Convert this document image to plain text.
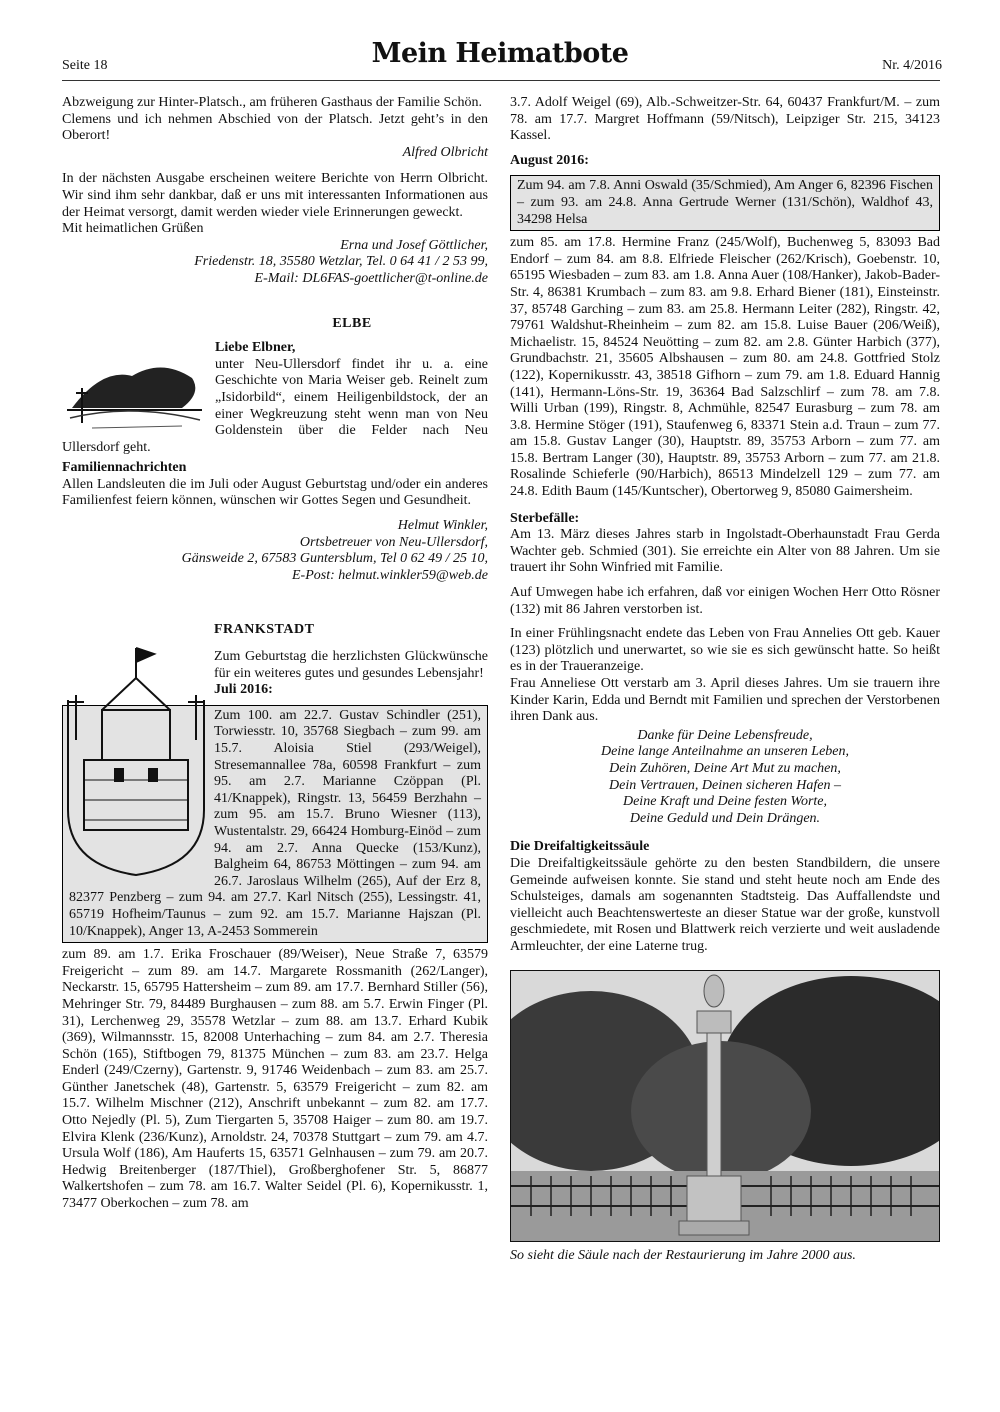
Seite 18	Mein Heimatbote	Nr. 4/2016

Abzweigung zur Hinter-Platsch., am früheren Gasthaus der Familie Schön.

Clemens und ich nehmen Abschied von der Platsch. Jetzt geht’s in den Oberort!

Alfred Olbricht

In der nächsten Ausgabe erscheinen weitere Berichte von Herrn Olbricht. Wir sind ihm sehr dankbar, daß er uns mit interessanten Informationen aus der Heimat versorgt, damit werden wieder viele Erinnerungen geweckt.

Mit heimatlichen Grüßen

Erna und Josef Göttlicher,

Friedenstr. 18, 35580 Wetzlar, Tel. 0 64 41 / 2 53 99,

E-Mail: DL6FAS-goettlicher@t-online.de

ELBE

Liebe Elbner,

unter Neu-Ullersdorf findet ihr u. a. eine Geschichte von Maria Weiser geb. Reinelt zum „Isidorbild“, einem Heiligenbildstock, der an einer Wegkreuzung steht wenn man von Neu Goldenstein über die Felder nach Neu Ullersdorf geht.

Familiennachrichten

Allen Landsleuten die im Juli oder August Geburtstag und/oder ein anderes Familienfest feiern können, wünschen wir Gottes Segen und Gesundheit.

Helmut Winkler,

Ortsbetreuer von Neu-Ullersdorf,

Gänsweide 2, 67583 Guntersblum, Tel 0 62 49 / 25 10,

E-Post: helmut.winkler59@web.de

FRANKSTADT

Zum Geburtstag die herzlichsten Glückwünsche für ein weiteres gutes und gesundes Lebensjahr!

Juli 2016:

Zum 100. am 22.7. Gustav Schindler (251), Torwiesstr. 10, 35768 Siegbach – zum 99. am 15.7. Aloisia Stiel (293/Weigel), Stresemannallee 78a, 60598 Frankfurt – zum 95. am 2.7. Marianne Czöppan (Pl. 41/Knappek), Ringstr. 13, 56459 Berzhahn – zum 95. am 15.7. Bruno Wiesner (113), Wustentalstr. 29, 66424 Homburg-Einöd – zum 94. am 2.7. Anna Quecke (153/Kunz), Balgheim 64, 86753 Möttingen – zum 94. am 26.7. Jaroslaus Wilhelm (265), Auf der Erz 8, 82377 Penzberg – zum 94. am 27.7. Karl Nitsch (255), Lessingstr. 41, 65719 Hofheim/Taunus – zum 92. am 15.7. Marianne Hajszan (Pl. 10/Knappek), Anger 13, A-2453 Sommerein

zum 89. am 1.7. Erika Froschauer (89/Weiser), Neue Straße 7, 63579 Freigericht – zum 89. am 14.7. Margarete Rossmanith (262/Langer), Neckarstr. 15, 65795 Hattersheim – zum 89. am 17.7. Bernhard Stiller (56), Mehringer Str. 79, 84489 Burghausen – zum 88. am 5.7. Erwin Finger (Pl. 31), Lerchenweg 29, 35578 Wetzlar – zum 88. am 13.7. Erhard Kubik (369), Wilmannsstr. 15, 82008 Unterhaching – zum 84. am 2.7. Theresia Schön (165), Stiftbogen 79, 81375 München – zum 83. am 23.7. Helga Enderl (249/Czerny), Gartenstr. 9, 91746 Weidenbach – zum 83. am 25.7. Günther Janetschek (48), Gartenstr. 5, 63579 Freigericht – zum 82. am 15.7. Wilhelm Mischner (212), Anschrift unbekannt – zum 82. am 17.7. Otto Nejedly (Pl. 5), Zum Tiergarten 5, 35708 Haiger – zum 80. am 19.7. Elvira Klenk (236/Kunz), Arnoldstr. 24, 70378 Stuttgart – zum 79. am 4.7. Ursula Wolf (186), Am Hauferts 15, 63571 Gelnhausen – zum 79. am 20.7. Hedwig Breitenberger (187/Thiel), Großberghofener Str. 5, 86877 Walkertshofen – zum 78. am 16.7. Walter Seidel (Pl. 6), Kopernikusstr. 1, 73477 Oberkochen – zum 78. am

3.7. Adolf Weigel (69), Alb.-Schweitzer-Str. 64, 60437 Frankfurt/M. – zum 78. am 17.7. Margret Hoffmann (59/Nitsch), Leipziger Str. 215, 34123 Kassel.

August 2016:

Zum 94. am 7.8. Anni Oswald (35/Schmied), Am Anger 6, 82396 Fischen – zum 93. am 24.8. Anna Gertrude Werner (131/Schön), Waldhof 43, 34298 Helsa

zum 85. am 17.8. Hermine Franz (245/Wolf), Buchenweg 5, 83093 Bad Endorf – zum 84. am 8.8. Elfriede Fleischer (262/Krisch), Goebenstr. 10, 65195 Wiesbaden – zum 83. am 1.8. Anna Auer (108/Hanker), Jakob-Bader-Str. 4, 86381 Krumbach – zum 83. am 9.8. Erhard Biener (181), Einsteinstr. 37, 85748 Garching – zum 83. am 25.8. Hermann Leiter (282), Ringstr. 42, 79761 Waldshut-Rheinheim – zum 82. am 15.8. Luise Bauer (206/Weiß), Michaelistr. 15, 84524 Neuötting – zum 82. am 2.8. Günter Harbich (377), Grundbachstr. 21, 35605 Albshausen – zum 80. am 24.8. Gottfried Stolz (122), Kopernikusstr. 43, 38518 Gifhorn – zum 79. am 1.8. Eduard Hannig (141), Hermann-Löns-Str. 19, 36364 Bad Salzschlirf – zum 78. am 7.8. Willi Urban (199), Ringstr. 8, Achmühle, 82547 Eurasburg – zum 78. am 3.8. Hermine Stöger (191), Staufenweg 6, 83371 Stein a.d. Traun – zum 77. am 15.8. Gustav Langer (30), Hauptstr. 89, 35753 Arborn – zum 77. am 15.8. Bertram Langer (30), Hauptstr. 89, 35753 Arborn – zum 77. am 21.8. Rosalinde Schieferle (90/Harbich), 86513 Mindelzell 129 – zum 77. am 24.8. Edith Baum (145/Kuntscher), Obertorweg 9, 85080 Gaimersheim.

Sterbefälle:

Am 13. März dieses Jahres starb in Ingolstadt-Oberhaunstadt Frau Gerda Wachter geb. Schmied (301). Sie erreichte ein Alter von 88 Jahren. Um sie trauert ihr Sohn Winfried mit Familie.

Auf Umwegen habe ich erfahren, daß vor einigen Wochen Herr Otto Rösner (132) mit 86 Jahren verstorben ist.

In einer Frühlingsnacht endete das Leben von Frau Annelies Ott geb. Kauer (123) plötzlich und unerwartet, so wie sie es sich gewünscht hatte. So heißt es in der Traueranzeige.

Frau Anneliese Ott verstarb am 3. April dieses Jahres. Um sie trauern ihre Kinder Karin, Edda und Berndt mit Familien und sprechen der Verstorbenen ihren Dank aus.

Danke für Deine Lebensfreude,
Deine lange Anteilnahme an unseren Leben,
Dein Zuhören, Deine Art Mut zu machen,
Dein Vertrauen, Deinen sicheren Hafen –
Deine Kraft und Deine festen Worte,
Deine Geduld und Dein Drängen.

Die Dreifaltigkeitssäule

Die Dreifaltigkeitssäule gehörte zu den besten Standbildern, die unsere Gemeinde aufweisen konnte. Sie stand und steht heute noch am Ende des Schulsteiges, damals am sogenannten Stadtsteig. Das Auffallendste und vielleicht auch Beachtenswerteste an dieser Statue war der große, kunstvoll geschmiedete, mit Rosen und Blattwerk reich verzierte und weit ausladende Armleuchter, der eine Laterne trug.

So sieht die Säule nach der Restaurierung im Jahre 2000 aus.
